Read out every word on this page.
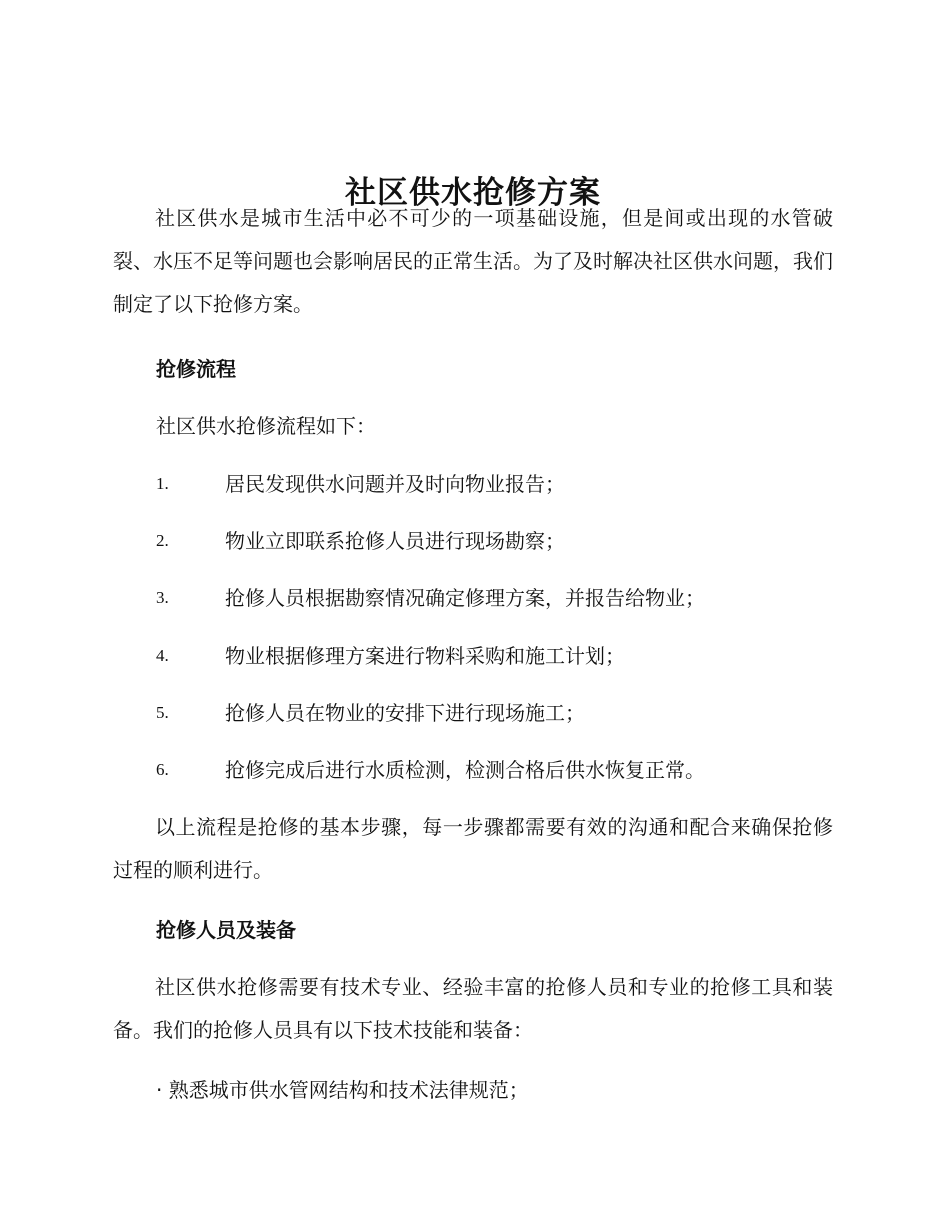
社区供水抢修方案

社区供水是城市生活中必不可少的一项基础设施，但是间或出现的水管破裂、水压不足等问题也会影响居民的正常生活。为了及时解决社区供水问题，我们制定了以下抢修方案。

抢修流程

社区供水抢修流程如下：

1.	居民发现供水问题并及时向物业报告；
2.	物业立即联系抢修人员进行现场勘察；
3.	抢修人员根据勘察情况确定修理方案，并报告给物业；
4.	物业根据修理方案进行物料采购和施工计划；
5.	抢修人员在物业的安排下进行现场施工；
6.	抢修完成后进行水质检测，检测合格后供水恢复正常。

以上流程是抢修的基本步骤，每一步骤都需要有效的沟通和配合来确保抢修过程的顺利进行。

抢修人员及装备

社区供水抢修需要有技术专业、经验丰富的抢修人员和专业的抢修工具和装备。我们的抢修人员具有以下技术技能和装备：

· 熟悉城市供水管网结构和技术法律规范；
